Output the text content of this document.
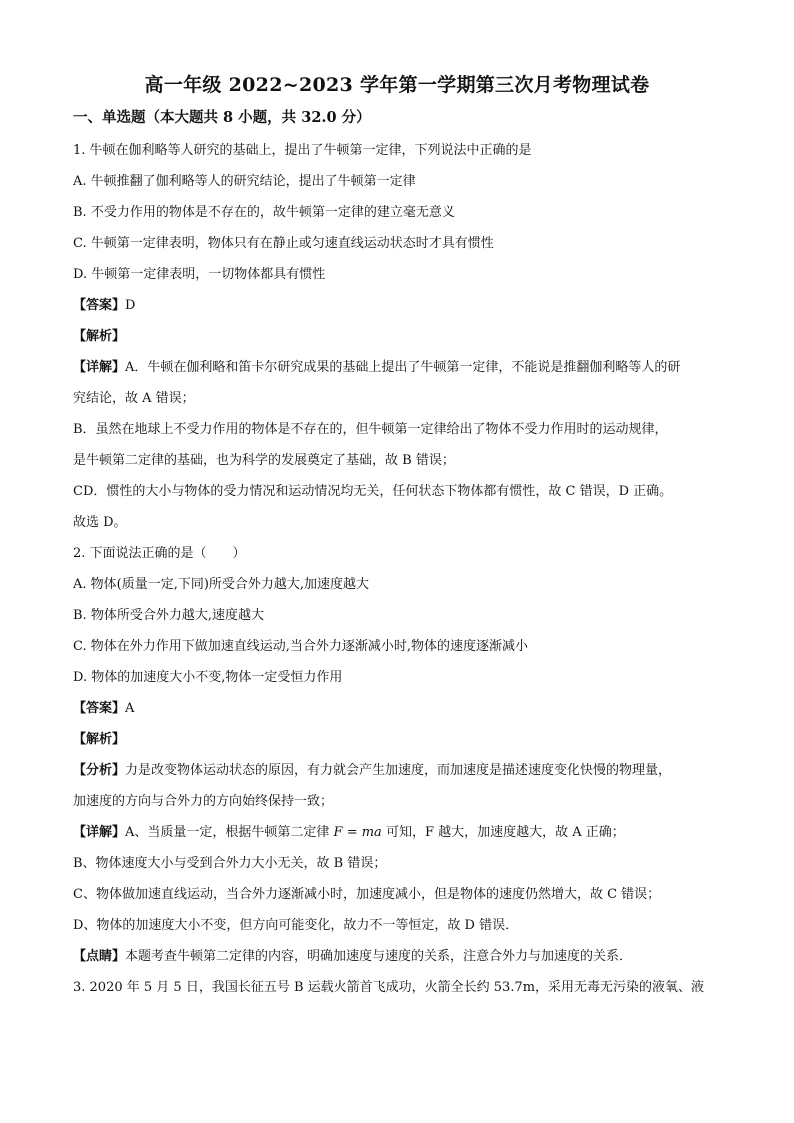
高一年级 2022~2023 学年第一学期第三次月考物理试卷
一、单选题（本大题共 8 小题，共 32.0 分）
1. 牛顿在伽利略等人研究的基础上，提出了牛顿第一定律，下列说法中正确的是
A. 牛顿推翻了伽利略等人的研究结论，提出了牛顿第一定律
B. 不受力作用的物体是不存在的，故牛顿第一定律的建立毫无意义
C. 牛顿第一定律表明，物体只有在静止或匀速直线运动状态时才具有惯性
D. 牛顿第一定律表明，一切物体都具有惯性
【答案】D
【解析】
【详解】A．牛顿在伽利略和笛卡尔研究成果的基础上提出了牛顿第一定律，不能说是推翻伽利略等人的研
究结论，故 A 错误；
B．虽然在地球上不受力作用的物体是不存在的，但牛顿第一定律给出了物体不受力作用时的运动规律，
是牛顿第二定律的基础，也为科学的发展奠定了基础，故 B 错误；
CD．惯性的大小与物体的受力情况和运动情况均无关，任何状态下物体都有惯性，故 C 错误，D 正确。
故选 D。
2. 下面说法正确的是（　　）
A. 物体(质量一定,下同)所受合外力越大,加速度越大
B. 物体所受合外力越大,速度越大
C. 物体在外力作用下做加速直线运动,当合外力逐渐减小时,物体的速度逐渐减小
D. 物体的加速度大小不变,物体一定受恒力作用
【答案】A
【解析】
【分析】力是改变物体运动状态的原因，有力就会产生加速度，而加速度是描述速度变化快慢的物理量，
加速度的方向与合外力的方向始终保持一致；
【详解】A、当质量一定，根据牛顿第二定律 F = ma 可知，F 越大，加速度越大，故 A 正确；
B、物体速度大小与受到合外力大小无关，故 B 错误；
C、物体做加速直线运动，当合外力逐渐减小时，加速度减小，但是物体的速度仍然增大，故 C 错误；
D、物体的加速度大小不变，但方向可能变化，故力不一等恒定，故 D 错误．
【点睛】本题考查牛顿第二定律的内容，明确加速度与速度的关系，注意合外力与加速度的关系．
3. 2020 年 5 月 5 日，我国长征五号 B 运载火箭首飞成功，火箭全长约 53.7m，采用无毒无污染的液氧、液
